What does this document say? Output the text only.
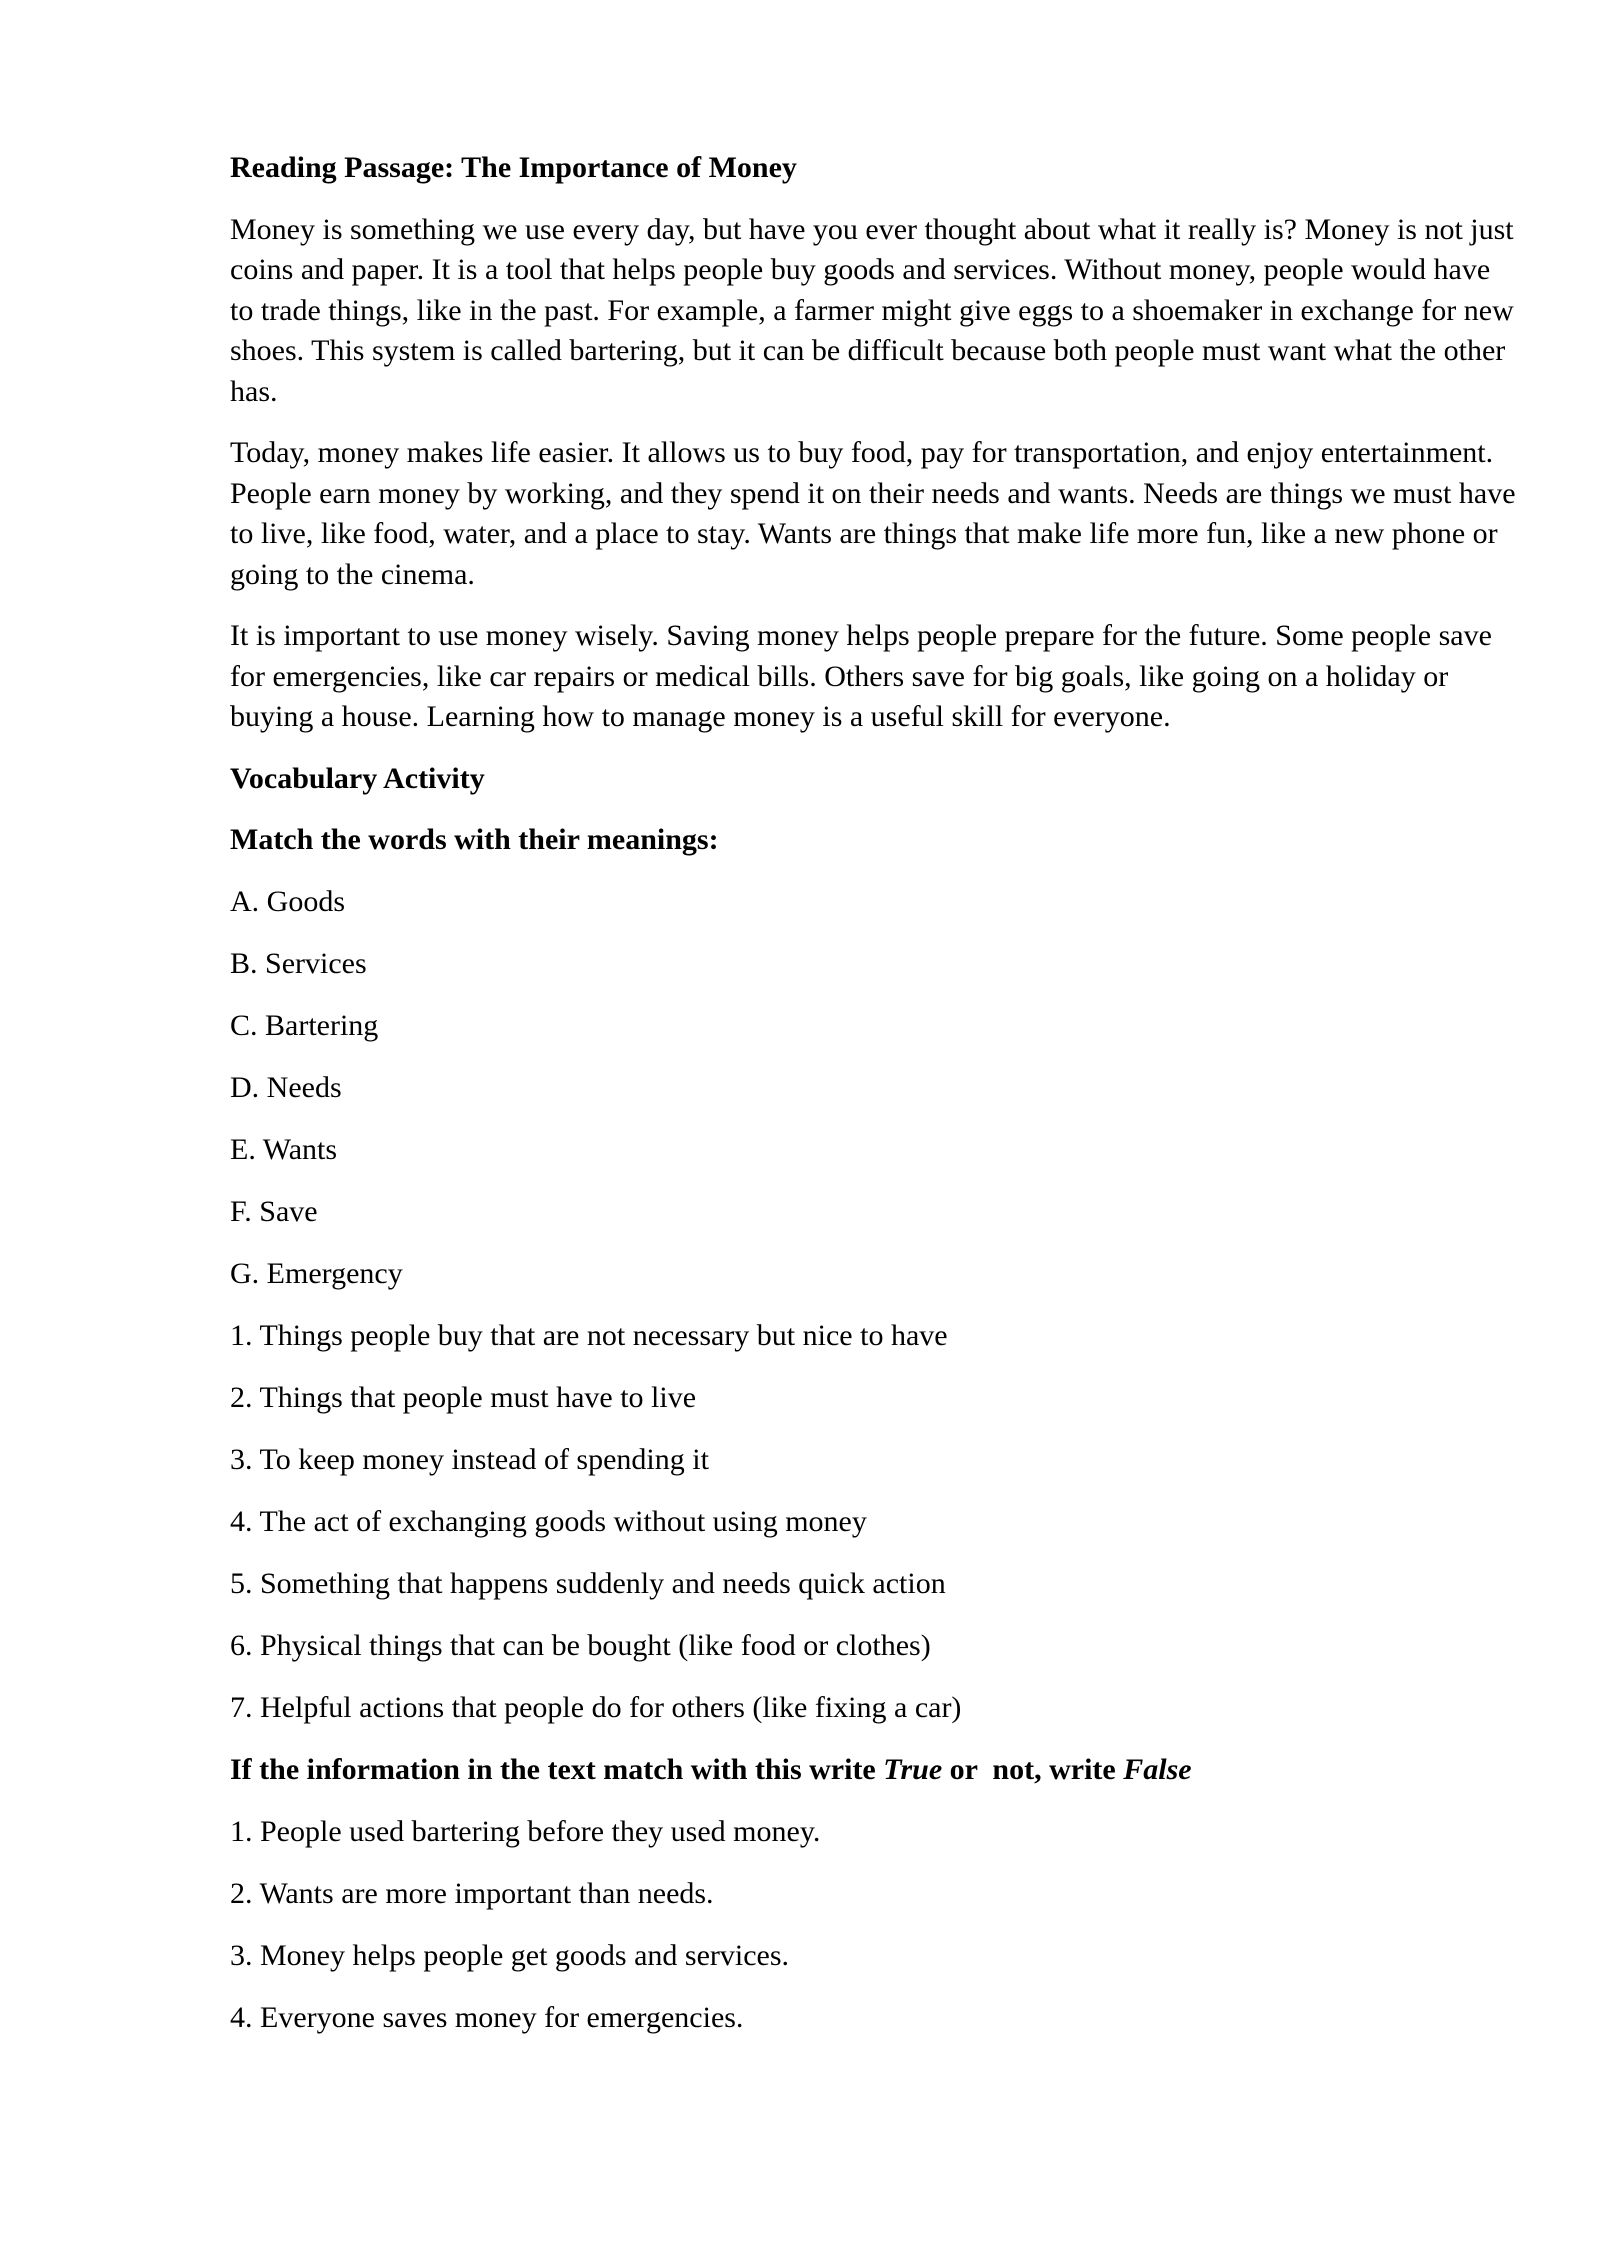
Reading Passage: The Importance of Money
Money is something we use every day, but have you ever thought about what it really is? Money is not just coins and paper. It is a tool that helps people buy goods and services. Without money, people would have to trade things, like in the past. For example, a farmer might give eggs to a shoemaker in exchange for new shoes. This system is called bartering, but it can be difficult because both people must want what the other has.
Today, money makes life easier. It allows us to buy food, pay for transportation, and enjoy entertainment. People earn money by working, and they spend it on their needs and wants. Needs are things we must have to live, like food, water, and a place to stay. Wants are things that make life more fun, like a new phone or going to the cinema.
It is important to use money wisely. Saving money helps people prepare for the future. Some people save for emergencies, like car repairs or medical bills. Others save for big goals, like going on a holiday or buying a house. Learning how to manage money is a useful skill for everyone.
Vocabulary Activity
Match the words with their meanings:
A. Goods
B. Services
C. Bartering
D. Needs
E. Wants
F. Save
G. Emergency
1. Things people buy that are not necessary but nice to have
2. Things that people must have to live
3. To keep money instead of spending it
4. The act of exchanging goods without using money
5. Something that happens suddenly and needs quick action
6. Physical things that can be bought (like food or clothes)
7. Helpful actions that people do for others (like fixing a car)
If the information in the text match with this write True or  not, write False
1. People used bartering before they used money.
2. Wants are more important than needs.
3. Money helps people get goods and services.
4. Everyone saves money for emergencies.
